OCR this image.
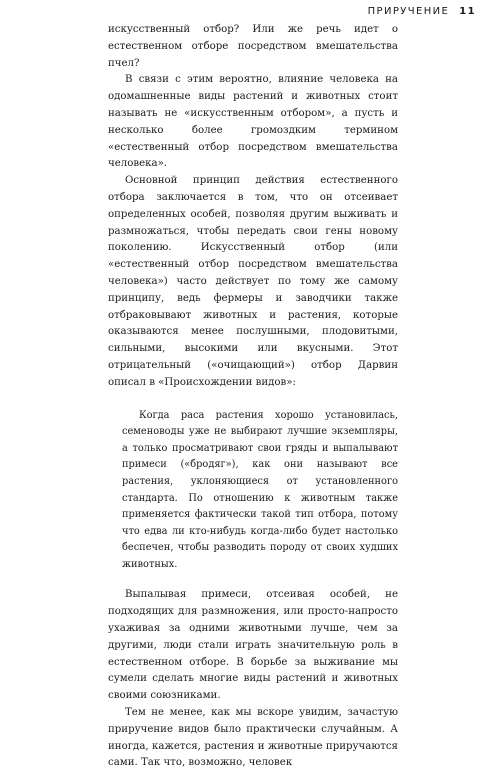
ПРИРУЧЕНИЕ 11

искусственный отбор? Или же речь идет о естественном отборе посредством вмешательства пчел?

В связи с этим вероятно, влияние человека на одомашненные виды растений и животных стоит называть не «искусственным отбором», а пусть и несколько более громоздким термином «естественный отбор посредством вмешательства человека».

Основной принцип действия естественного отбора заключается в том, что он отсеивает определенных особей, позволяя другим выживать и размножаться, чтобы передать свои гены новому поколению. Искусственный отбор (или «естественный отбор посредством вмешательства человека») часто действует по тому же самому принципу, ведь фермеры и заводчики также отбраковывают животных и растения, которые оказываются менее послушными, плодовитыми, сильными, высокими или вкусными. Этот отрицательный («очищающий») отбор Дарвин описал в «Происхождении видов»:

Когда раса растения хорошо установилась, семеноводы уже не выбирают лучшие экземпляры, а только просматривают свои гряды и выпалывают примеси («бродяг»), как они называют все растения, уклоняющиеся от установленного стандарта. По отношению к животным также применяется фактически такой тип отбора, потому что едва ли кто-нибудь когда-либо будет настолько беспечен, чтобы разводить породу от своих худших животных.

Выпалывая примеси, отсеивая особей, не подходящих для размножения, или просто-напросто ухаживая за одними животными лучше, чем за другими, люди стали играть значительную роль в естественном отборе. В борьбе за выживание мы сумели сделать многие виды растений и животных своими союзниками.

Тем не менее, как мы вскоре увидим, зачастую приручение видов было практически случайным. А иногда, кажется, растения и животные приручаются сами. Так что, возможно, человек
